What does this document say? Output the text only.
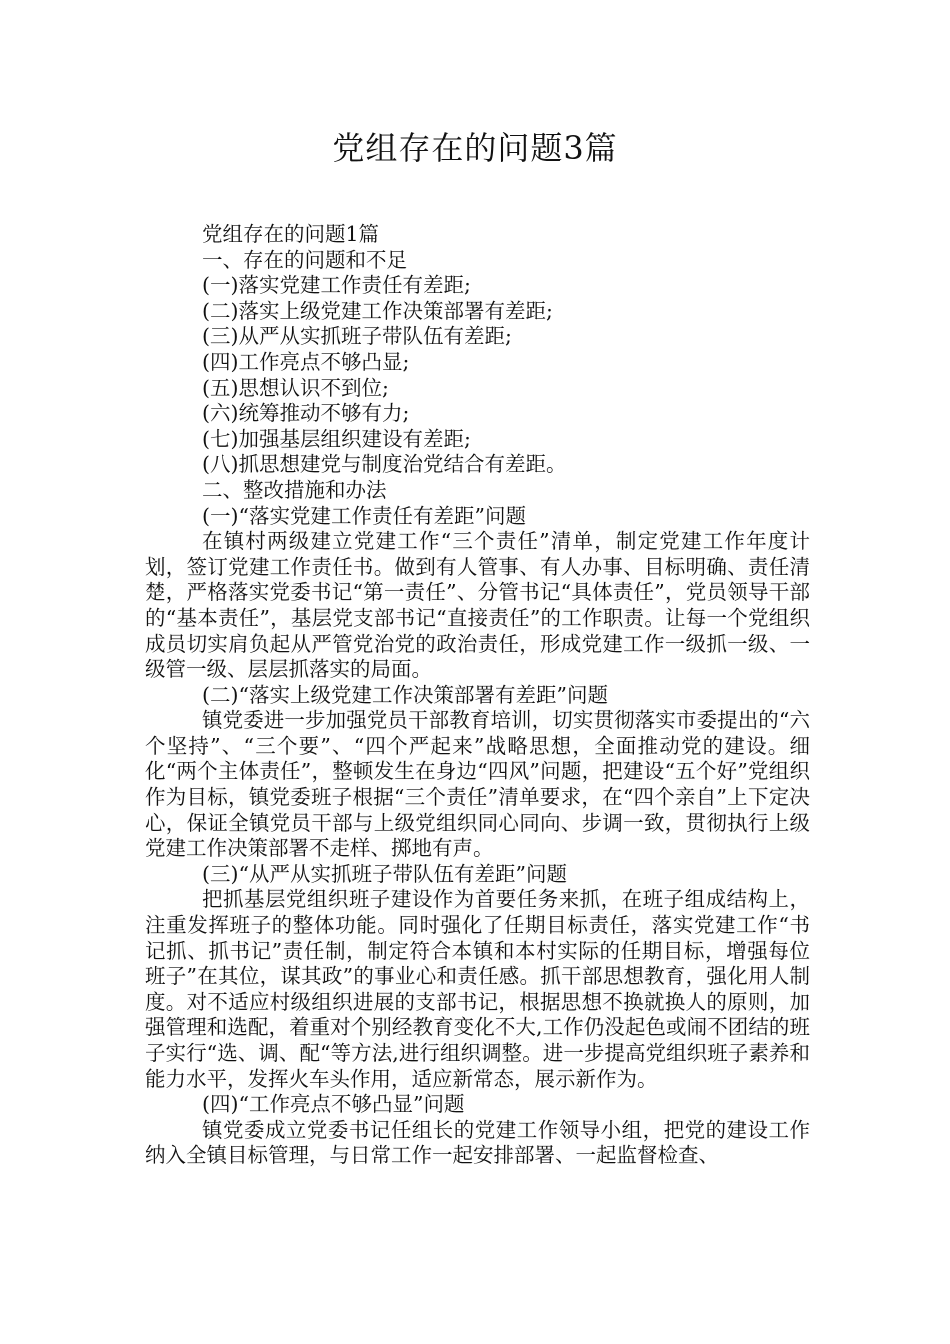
党组存在的问题3篇

党组存在的问题1篇

一、存在的问题和不足

(一)落实党建工作责任有差距;

(二)落实上级党建工作决策部署有差距;

(三)从严从实抓班子带队伍有差距;

(四)工作亮点不够凸显;

(五)思想认识不到位;

(六)统筹推动不够有力;

(七)加强基层组织建设有差距;

(八)抓思想建党与制度治党结合有差距。

二、整改措施和办法

(一)“落实党建工作责任有差距”问题

在镇村两级建立党建工作“三个责任”清单，制定党建工作年度计划，签订党建工作责任书。做到有人管事、有人办事、目标明确、责任清楚，严格落实党委书记“第一责任”、分管书记“具体责任”，党员领导干部的“基本责任”，基层党支部书记“直接责任”的工作职责。让每一个党组织成员切实肩负起从严管党治党的政治责任，形成党建工作一级抓一级、一级管一级、层层抓落实的局面。

(二)“落实上级党建工作决策部署有差距”问题

镇党委进一步加强党员干部教育培训，切实贯彻落实市委提出的“六个坚持”、“三个要”、“四个严起来”战略思想，全面推动党的建设。细化“两个主体责任”，整顿发生在身边“四风”问题，把建设“五个好”党组织作为目标，镇党委班子根据“三个责任”清单要求，在“四个亲自”上下定决心，保证全镇党员干部与上级党组织同心同向、步调一致，贯彻执行上级党建工作决策部署不走样、掷地有声。

(三)“从严从实抓班子带队伍有差距”问题

把抓基层党组织班子建设作为首要任务来抓，在班子组成结构上，注重发挥班子的整体功能。同时强化了任期目标责任，落实党建工作“书记抓、抓书记”责任制，制定符合本镇和本村实际的任期目标，增强每位班子”在其位，谋其政”的事业心和责任感。抓干部思想教育，强化用人制度。对不适应村级组织进展的支部书记，根据思想不换就换人的原则，加强管理和选配，着重对个别经教育变化不大,工作仍没起色或闹不团结的班子实行“选、调、配“等方法,进行组织调整。进一步提高党组织班子素养和能力水平，发挥火车头作用，适应新常态，展示新作为。

(四)“工作亮点不够凸显”问题

镇党委成立党委书记任组长的党建工作领导小组，把党的建设工作纳入全镇目标管理，与日常工作一起安排部署、一起监督检查、
